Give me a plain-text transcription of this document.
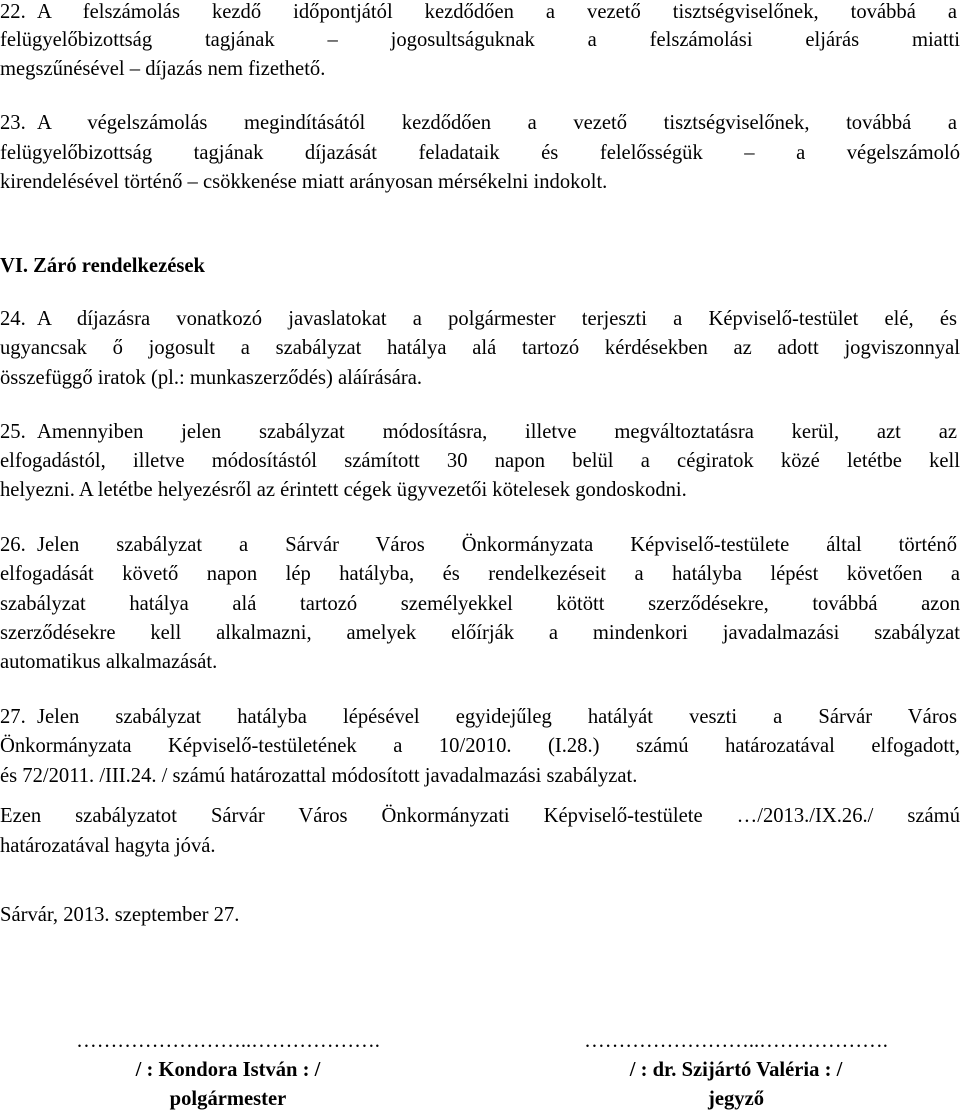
22. A felszámolás kezdő időpontjától kezdődően a vezető tisztségviselőnek, továbbá a

felügyelőbizottság tagjának – jogosultságuknak a felszámolási eljárás miatti

megszűnésével – díjazás nem fizethető.

23. A végelszámolás megindításától kezdődően a vezető tisztségviselőnek, továbbá a

felügyelőbizottság tagjának díjazását feladataik és felelősségük – a végelszámoló

kirendelésével történő – csökkenése miatt arányosan mérsékelni indokolt.

VI. Záró rendelkezések

24. A díjazásra vonatkozó javaslatokat a polgármester terjeszti a Képviselő-testület elé, és

ugyancsak ő jogosult a szabályzat hatálya alá tartozó kérdésekben az adott jogviszonnyal

összefüggő iratok (pl.: munkaszerződés) aláírására.

25. Amennyiben jelen szabályzat módosításra, illetve megváltoztatásra kerül, azt az

elfogadástól, illetve módosítástól számított 30 napon belül a cégiratok közé letétbe kell

helyezni. A letétbe helyezésről az érintett cégek ügyvezetői kötelesek gondoskodni.

26. Jelen szabályzat a Sárvár Város Önkormányzata Képviselő-testülete által történő

elfogadását követő napon lép hatályba, és rendelkezéseit a hatályba lépést követően a

szabályzat hatálya alá tartozó személyekkel kötött szerződésekre, továbbá azon

szerződésekre kell alkalmazni, amelyek előírják a mindenkori javadalmazási szabályzat

automatikus alkalmazását.

27. Jelen szabályzat hatályba lépésével egyidejűleg hatályát veszti a Sárvár Város

Önkormányzata Képviselő-testületének a 10/2010. (I.28.) számú határozatával elfogadott,

és 72/2011. /III.24. / számú határozattal módosított javadalmazási szabályzat.

Ezen szabályzatot Sárvár Város Önkormányzati Képviselő-testülete …/2013./IX.26./ számú

határozatával hagyta jóvá.

Sárvár, 2013. szeptember 27.

……………………..……………….
/ : Kondora István : /
polgármester
……………………..……………….
/ : dr. Szijártó Valéria : /
jegyző
